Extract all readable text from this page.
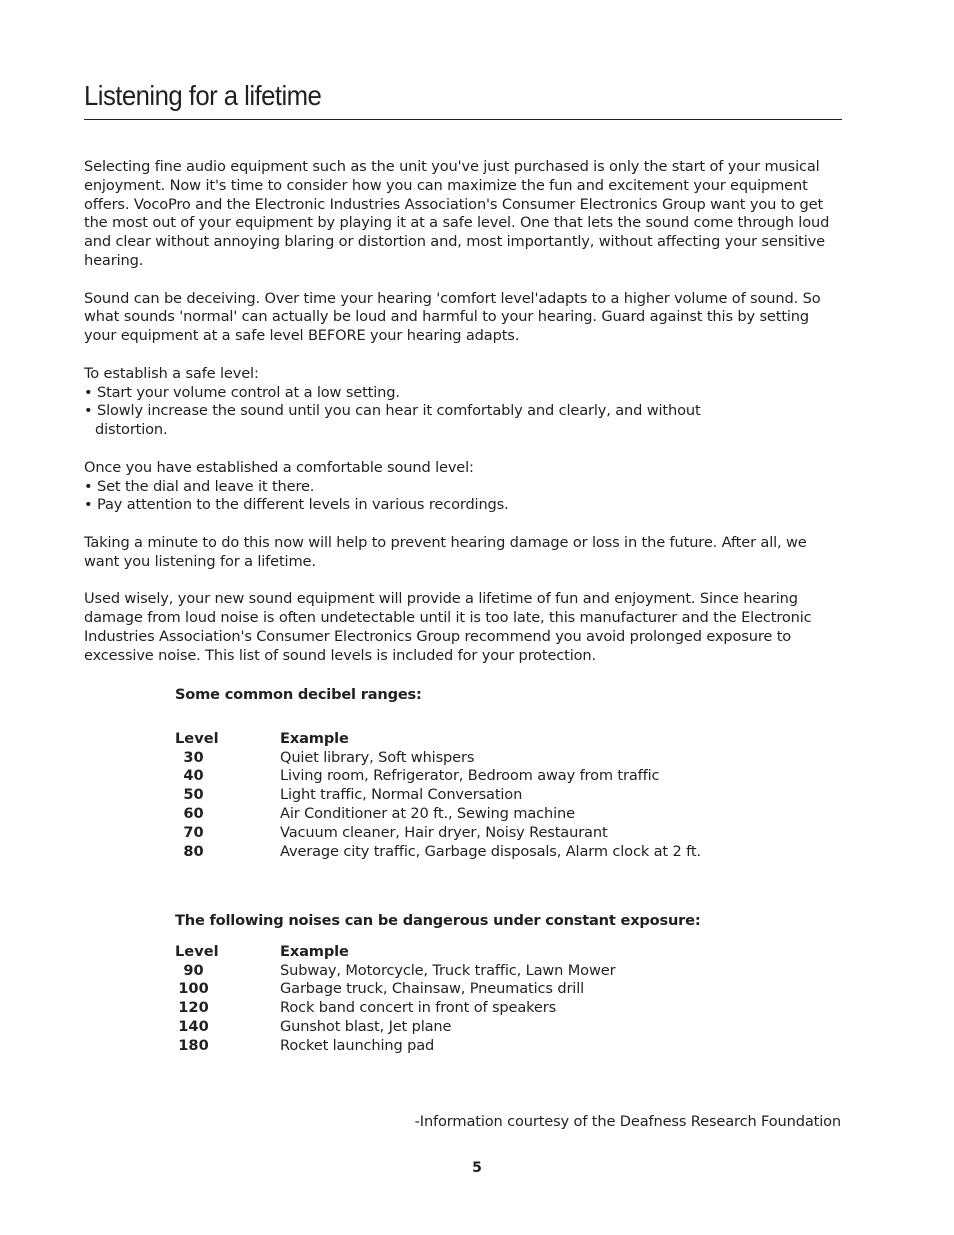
Listening for a lifetime

Selecting fine audio equipment such as the unit you've just purchased is only the start of your musical enjoyment. Now it's time to consider how you can maximize the fun and excitement your equipment offers. VocoPro and the Electronic Industries Association's Consumer Electronics Group want you to get the most out of your equipment by playing it at a safe level. One that lets the sound come through loud and clear without annoying blaring or distortion and, most importantly, without affecting your sensitive hearing.

Sound can be deceiving. Over time your hearing 'comfort level'adapts to a higher volume of sound. So what sounds 'normal' can actually be loud and harmful to your hearing. Guard against this by setting your equipment at a safe level BEFORE your hearing adapts.

To establish a safe level:
• Start your volume control at a low setting.
• Slowly increase the sound until you can hear it comfortably and clearly, and without distortion.
Once you have established a comfortable sound level:
• Set the dial and leave it there.
• Pay attention to the different levels in various recordings.

Taking a minute to do this now will help to prevent hearing damage or loss in the future. After all, we want you listening for a lifetime.

Used wisely, your new sound equipment will provide a lifetime of fun and enjoyment. Since hearing damage from loud noise is often undetectable until it is too late, this manufacturer and the Electronic Industries Association's Consumer Electronics Group recommend you avoid prolonged exposure to excessive noise. This list of sound levels is included for your protection.

Some common decibel ranges:
Level	Example
30	Quiet library, Soft whispers
40	Living room, Refrigerator, Bedroom away from traffic
50	Light traffic, Normal Conversation
60	Air Conditioner at 20 ft., Sewing machine
70	Vacuum cleaner, Hair dryer, Noisy Restaurant
80	Average city traffic, Garbage disposals, Alarm clock at 2 ft.
The following noises can be dangerous under constant exposure:
Level	Example
90	Subway, Motorcycle, Truck traffic, Lawn Mower
100	Garbage truck, Chainsaw, Pneumatics drill
120	Rock band concert in front of speakers
140	Gunshot blast, Jet plane
180	Rocket launching pad
-Information courtesy of the Deafness Research Foundation
5
